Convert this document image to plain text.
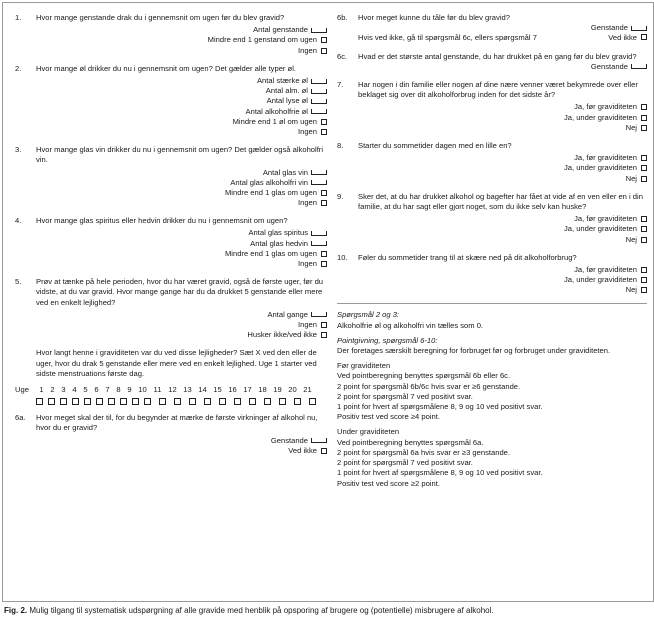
1.	Hvor mange genstande drak du i gennemsnit om ugen før du blev gravid?
Antal genstande
Mindre end 1 genstand om ugen
Ingen
2.	Hvor mange øl drikker du nu i gennemsnit om ugen? Det gælder alle typer øl.
Antal stærke øl
Antal alm. øl
Antal lyse øl
Antal alkoholfrie øl
Mindre end 1 øl om ugen
Ingen
3.	Hvor mange glas vin drikker du nu i gennemsnit om ugen? Det gælder også alkoholfri vin.
Antal glas vin
Antal glas alkoholfri vin
Mindre end 1 glas om ugen
Ingen
4.	Hvor mange glas spiritus eller hedvin drikker du nu i gennemsnit om ugen?
Antal glas spiritus
Antal glas hedvin
Mindre end 1 glas om ugen
Ingen
5.	Prøv at tænke på hele perioden, hvor du har været gravid, også de første uger, før du vidste, at du var gravid. Hvor mange gange har du da drukket 5 genstande eller mere ved en enkelt lejlighed?
Antal gange
Ingen
Husker ikke/ved ikke
Hvor langt henne i graviditeten var du ved disse lejligheder? Sæt X ved den eller de uger, hvor du drak 5 genstande eller mere ved en enkelt lejlighed. Uge 1 starter ved sidste menstruations første dag.
Uge	1 2 3 4 5 6 7 8 9 10 11 12 13 14 15 16 17 18 19 20 21
6a.	Hvor meget skal der til, for du begynder at mærke de første virkninger af alkohol nu, hvor du er gravid?
Genstande
Ved ikke
6b.	Hvor meget kunne du tåle før du blev gravid?
Genstande
Hvis ved ikke, gå til spørgsmål 6c, ellers spørgsmål 7	Ved ikke
6c.	Hvad er det største antal genstande, du har drukket på en gang før du blev gravid?
Genstande
7.	Har nogen i din familie eller nogen af dine nære venner været bekymrede over eller beklaget sig over dit alkoholforbrug inden for det sidste år?
Ja, før graviditeten
Ja, under graviditeten
Nej
8.	Starter du sommetider dagen med en lille en?
Ja, før graviditeten
Ja, under graviditeten
Nej
9.	Sker det, at du har drukket alkohol og bagefter har fået at vide af en ven eller en i din familie, at du har sagt eller gjort noget, som du ikke selv kan huske?
Ja, før graviditeten
Ja, under graviditeten
Nej
10.	Føler du sommetider trang til at skære ned på dit alkoholforbrug?
Ja, før graviditeten
Ja, under graviditeten
Nej

Spørgsmål 2 og 3:

Alkoholfrie øl og alkoholfri vin tælles som 0.

Pointgivning, spørgsmål 6-10:

Der foretages særskilt beregning for forbruget før og forbruget under graviditeten.

Før graviditeten

Ved pointberegning benyttes spørgsmål 6b eller 6c.

2 point for spørgsmål 6b/6c hvis svar er ≥6 genstande.

2 point for spørgsmål 7 ved positivt svar.

1 point for hvert af spørgsmålene 8, 9 og 10 ved positivt svar.

Positiv test ved score ≥4 point.

Under graviditeten

Ved pointberegning benyttes spørgsmål 6a.

2 point for spørgsmål 6a hvis svar er ≥3 genstande.

2 point for spørgsmål 7 ved positivt svar.

1 point for hvert af spørgsmålene 8, 9 og 10 ved positivt svar.

Positiv test ved score ≥2 point.

Fig. 2. Mulig tilgang til systematisk udspørgning af alle gravide med henblik på opsporing af brugere og (potentielle) misbrugere af alkohol.
